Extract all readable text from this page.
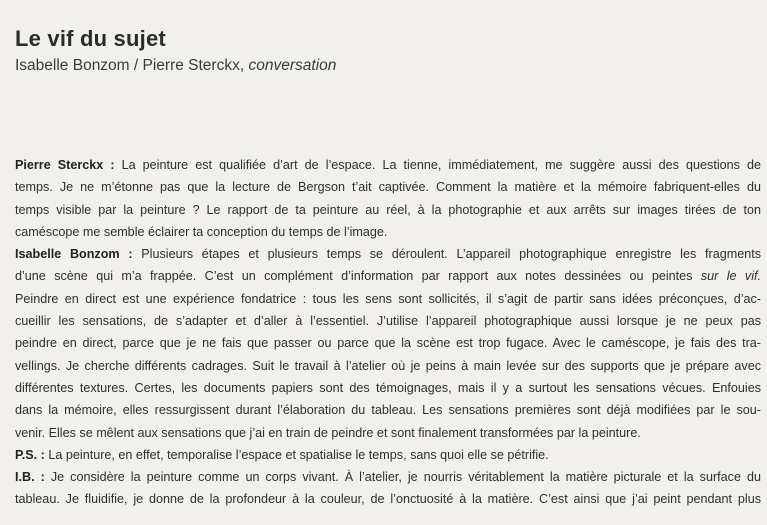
Le vif du sujet

Isabelle Bonzom / Pierre Sterckx, conversation

Pierre Sterckx : La peinture est qualifiée d’art de l’espace. La tienne, immédiatement, me suggère aussi des questions de
temps. Je ne m’étonne pas que la lecture de Bergson t’ait captivée. Comment la matière et la mémoire fabriquent-elles du
temps visible par la peinture ? Le rapport de ta peinture au réel, à la photographie et aux arrêts sur images tirées de ton
caméscope me semble éclairer ta conception du temps de l’image.
Isabelle Bonzom : Plusieurs étapes et plusieurs temps se déroulent. L’appareil photographique enregistre les fragments
d’une scène qui m’a frappée. C’est un complément d’information par rapport aux notes dessinées ou peintes sur le vif.
Peindre en direct est une expérience fondatrice : tous les sens sont sollicités, il s’agit de partir sans idées préconçues, d’ac-
cueillir les sensations, de s’adapter et d’aller à l’essentiel. J’utilise l’appareil photographique aussi lorsque je ne peux pas
peindre en direct, parce que je ne fais que passer ou parce que la scène est trop fugace. Avec le caméscope, je fais des tra-
vellings. Je cherche différents cadrages. Suit le travail à l’atelier où je peins à main levée sur des supports que je prépare avec
différentes textures. Certes, les documents papiers sont des témoignages, mais il y a surtout les sensations vécues. Enfouies
dans la mémoire, elles ressurgissent durant l’élaboration du tableau. Les sensations premières sont déjà modifiées par le sou-
venir. Elles se mêlent aux sensations que j’ai en train de peindre et sont finalement transformées par la peinture.
P.S. : La peinture, en effet, temporalise l’espace et spatialise le temps, sans quoi elle se pétrifie.
I.B. : Je considère la peinture comme un corps vivant. À l’atelier, je nourris véritablement la matière picturale et la surface du
tableau. Je fluidifie, je donne de la profondeur à la couleur, de l’onctuosité à la matière. C’est ainsi que j’ai peint pendant plus
